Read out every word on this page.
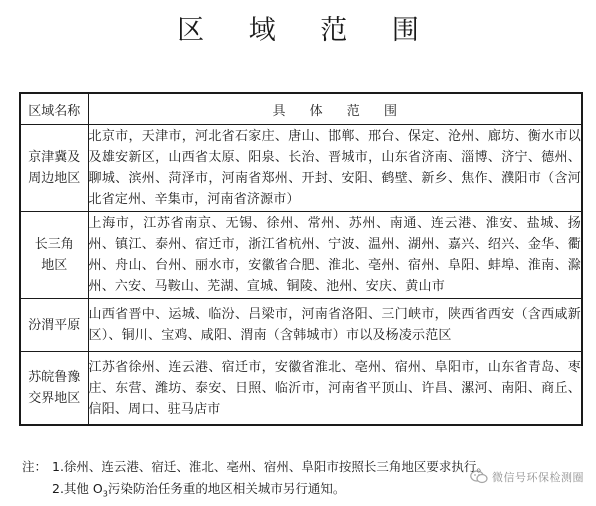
区 域 范 围
区域名称	具 体 范 围

京津冀及
周边地区	北京市，天津市，河北省石家庄、唐山、邯郸、邢台、保定、沧州、廊坊、衡水市以及雄安新区，山西省太原、阳泉、长治、晋城市，山东省济南、淄博、济宁、德州、聊城、滨州、菏泽市，河南省郑州、开封、安阳、鹤壁、新乡、焦作、濮阳市（含河北省定州、辛集市，河南省济源市）

长三角
地区	上海市，江苏省南京、无锡、徐州、常州、苏州、南通、连云港、淮安、盐城、扬州、镇江、泰州、宿迁市，浙江省杭州、宁波、温州、湖州、嘉兴、绍兴、金华、衢州、舟山、台州、丽水市，安徽省合肥、淮北、亳州、宿州、阜阳、蚌埠、淮南、滁州、六安、马鞍山、芜湖、宣城、铜陵、池州、安庆、黄山市

汾渭平原	山西省晋中、运城、临汾、吕梁市，河南省洛阳、三门峡市，陕西省西安（含西咸新区）、铜川、宝鸡、咸阳、渭南（含韩城市）市以及杨凌示范区

苏皖鲁豫
交界地区	江苏省徐州、连云港、宿迁市，安徽省淮北、亳州、宿州、阜阳市，山东省青岛、枣庄、东营、潍坊、泰安、日照、临沂市，河南省平顶山、许昌、漯河、南阳、商丘、信阳、周口、驻马店市
注： 1.徐州、连云港、宿迁、淮北、亳州、宿州、阜阳市按照长三角地区要求执行。
2.其他 $O_3$污染防治任务重的地区相关城市另行通知。
微信号环保检测圈
